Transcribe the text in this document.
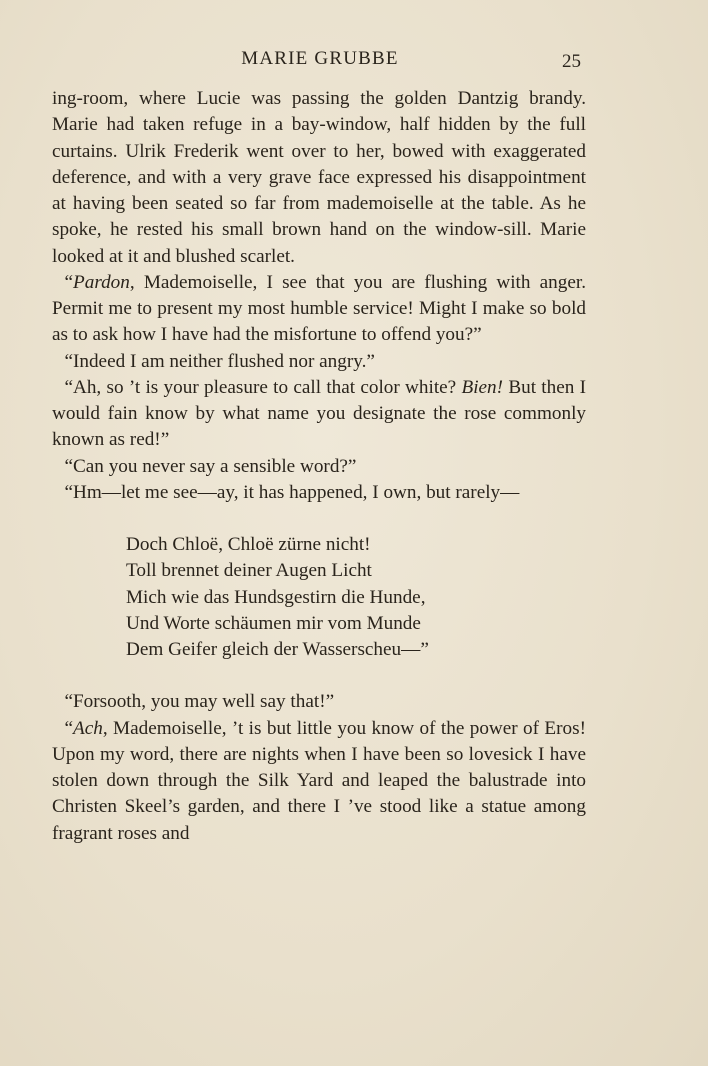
MARIE GRUBBE	25

ing-room, where Lucie was passing the golden Dantzig brandy. Marie had taken refuge in a bay-window, half hidden by the full curtains. Ulrik Frederik went over to her, bowed with exaggerated deference, and with a very grave face expressed his disappointment at having been seated so far from mademoiselle at the table. As he spoke, he rested his small brown hand on the window-sill. Marie looked at it and blushed scarlet.

“Pardon, Mademoiselle, I see that you are flushing with anger. Permit me to present my most humble service! Might I make so bold as to ask how I have had the misfortune to offend you?”

“Indeed I am neither flushed nor angry.”

“Ah, so ’t is your pleasure to call that color white? Bien! But then I would fain know by what name you designate the rose commonly known as red!”

“Can you never say a sensible word?”

“Hm—let me see—ay, it has happened, I own, but rarely—

Doch Chloë, Chloë zürne nicht!
Toll brennet deiner Augen Licht
Mich wie das Hundsgestirn die Hunde,
Und Worte schäumen mir vom Munde
Dem Geifer gleich der Wasserscheu—”

“Forsooth, you may well say that!”

“Ach, Mademoiselle, ’t is but little you know of the power of Eros! Upon my word, there are nights when I have been so lovesick I have stolen down through the Silk Yard and leaped the balustrade into Christen Skeel’s garden, and there I ’ve stood like a statue among fragrant roses and
